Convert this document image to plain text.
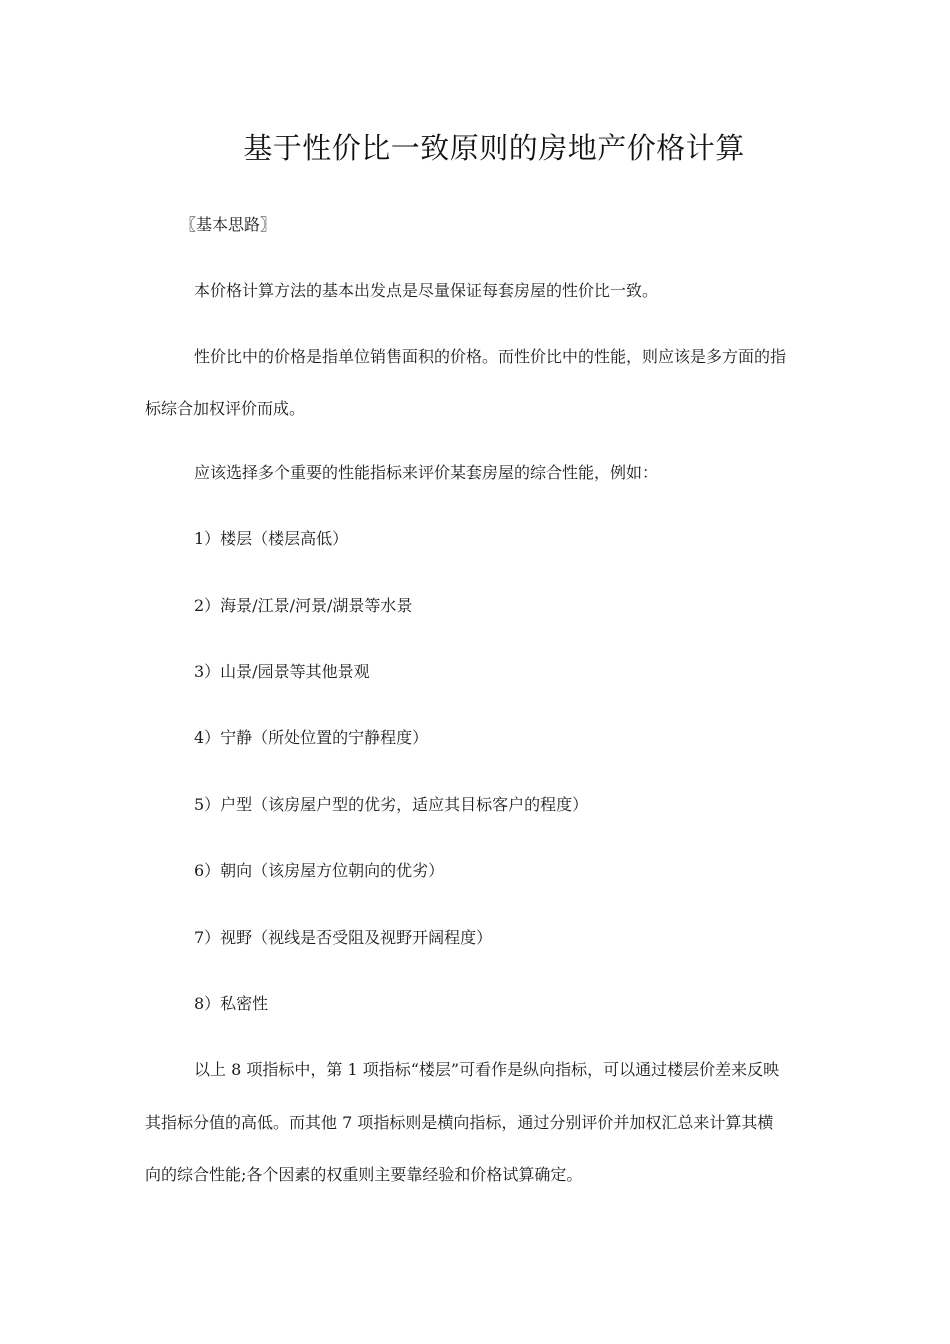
基于性价比一致原则的房地产价格计算
〖基本思路〗
本价格计算方法的基本出发点是尽量保证每套房屋的性价比一致。
性价比中的价格是指单位销售面积的价格。而性价比中的性能，则应该是多方面的指
标综合加权评价而成。
应该选择多个重要的性能指标来评价某套房屋的综合性能，例如：
1）楼层（楼层高低）
2）海景/江景/河景/湖景等水景
3）山景/园景等其他景观
4）宁静（所处位置的宁静程度）
5）户型（该房屋户型的优劣，适应其目标客户的程度）
6）朝向（该房屋方位朝向的优劣）
7）视野（视线是否受阻及视野开阔程度）
8）私密性
以上 8 项指标中，第 1 项指标“楼层”可看作是纵向指标，可以通过楼层价差来反映
其指标分值的高低。而其他 7 项指标则是横向指标，通过分别评价并加权汇总来计算其横
向的综合性能;各个因素的权重则主要靠经验和价格试算确定。
